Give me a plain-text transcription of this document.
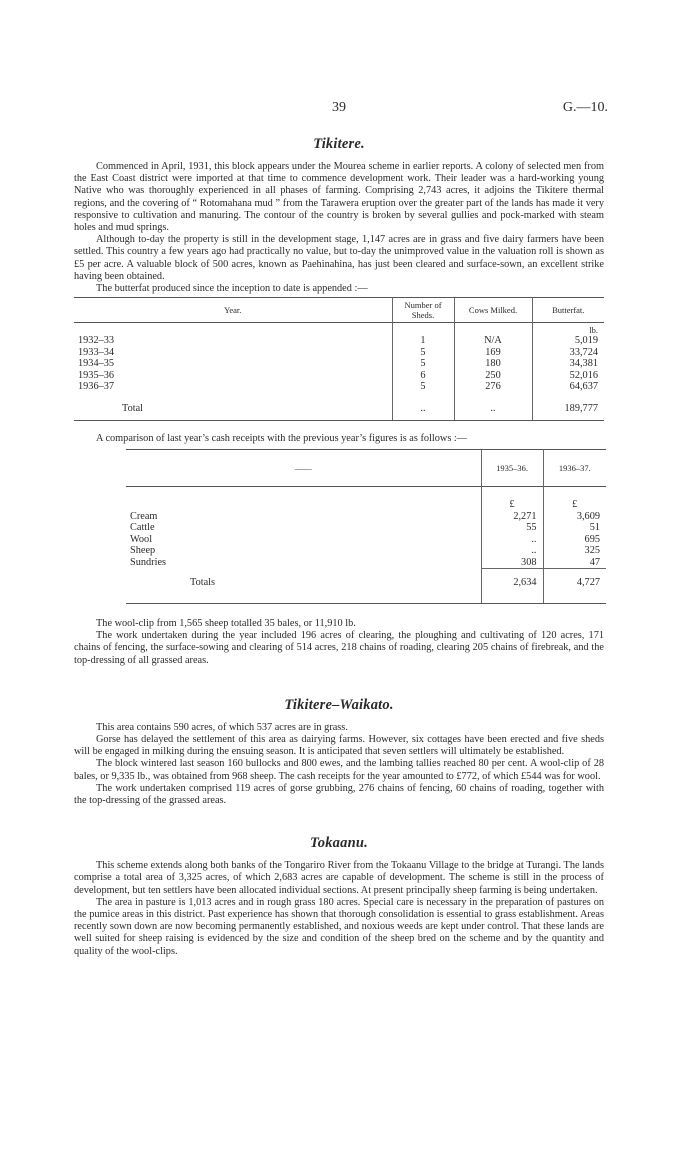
39	G.—10.
Tikitere.

Commenced in April, 1931, this block appears under the Mourea scheme in earlier reports. A colony of selected men from the East Coast district were imported at that time to commence development work. Their leader was a hard-working young Native who was thoroughly experienced in all phases of farming. Comprising 2,743 acres, it adjoins the Tikitere thermal regions, and the covering of “ Rotomahana mud ” from the Tarawera eruption over the greater part of the lands has made it very responsive to cultivation and manuring. The contour of the country is broken by several gullies and pock-marked with steam holes and mud springs.

Although to-day the property is still in the development stage, 1,147 acres are in grass and five dairy farmers have been settled. This country a few years ago had practically no value, but to-day the unimproved value in the valuation roll is shown as £5 per acre. A valuable block of 500 acres, known as Paehinahina, has just been cleared and surface-sown, an excellent strike having been obtained.

The butterfat produced since the inception to date is appended :—

Year.	Number of Sheds.	Cows Milked.	Butterfat.
			lb.
1932–33	1	N/A	5,019
1933–34	5	169	33,724
1934–35	5	180	34,381
1935–36	6	250	52,016
1936–37	5	276	64,637
Total	..	..	189,777

A comparison of last year’s cash receipts with the previous year’s figures is as follows :—

——	1935–36.	1936–37.
	£	£
Cream	2,271	3,609
Cattle	55	51
Wool	..	695
Sheep	..	325
Sundries	308	47
Totals	2,634	4,727

The wool-clip from 1,565 sheep totalled 35 bales, or 11,910 lb.

The work undertaken during the year included 196 acres of clearing, the ploughing and cultivating of 120 acres, 171 chains of fencing, the surface-sowing and clearing of 514 acres, 218 chains of roading, clearing 205 chains of firebreak, and the top-dressing of all grassed areas.

Tikitere–Waikato.

This area contains 590 acres, of which 537 acres are in grass.

Gorse has delayed the settlement of this area as dairying farms. However, six cottages have been erected and five sheds will be engaged in milking during the ensuing season. It is anticipated that seven settlers will ultimately be established.

The block wintered last season 160 bullocks and 800 ewes, and the lambing tallies reached 80 per cent. A wool-clip of 28 bales, or 9,335 lb., was obtained from 968 sheep. The cash receipts for the year amounted to £772, of which £544 was for wool.

The work undertaken comprised 119 acres of gorse grubbing, 276 chains of fencing, 60 chains of roading, together with the top-dressing of the grassed areas.

Tokaanu.

This scheme extends along both banks of the Tongariro River from the Tokaanu Village to the bridge at Turangi. The lands comprise a total area of 3,325 acres, of which 2,683 acres are capable of development. The scheme is still in the process of development, but ten settlers have been allocated individual sections. At present principally sheep farming is being undertaken.

The area in pasture is 1,013 acres and in rough grass 180 acres. Special care is necessary in the preparation of pastures on the pumice areas in this district. Past experience has shown that thorough consolidation is essential to grass establishment. Areas recently sown down are now becoming permanently established, and noxious weeds are kept under control. That these lands are well suited for sheep raising is evidenced by the size and condition of the sheep bred on the scheme and by the quantity and quality of the wool-clips.
